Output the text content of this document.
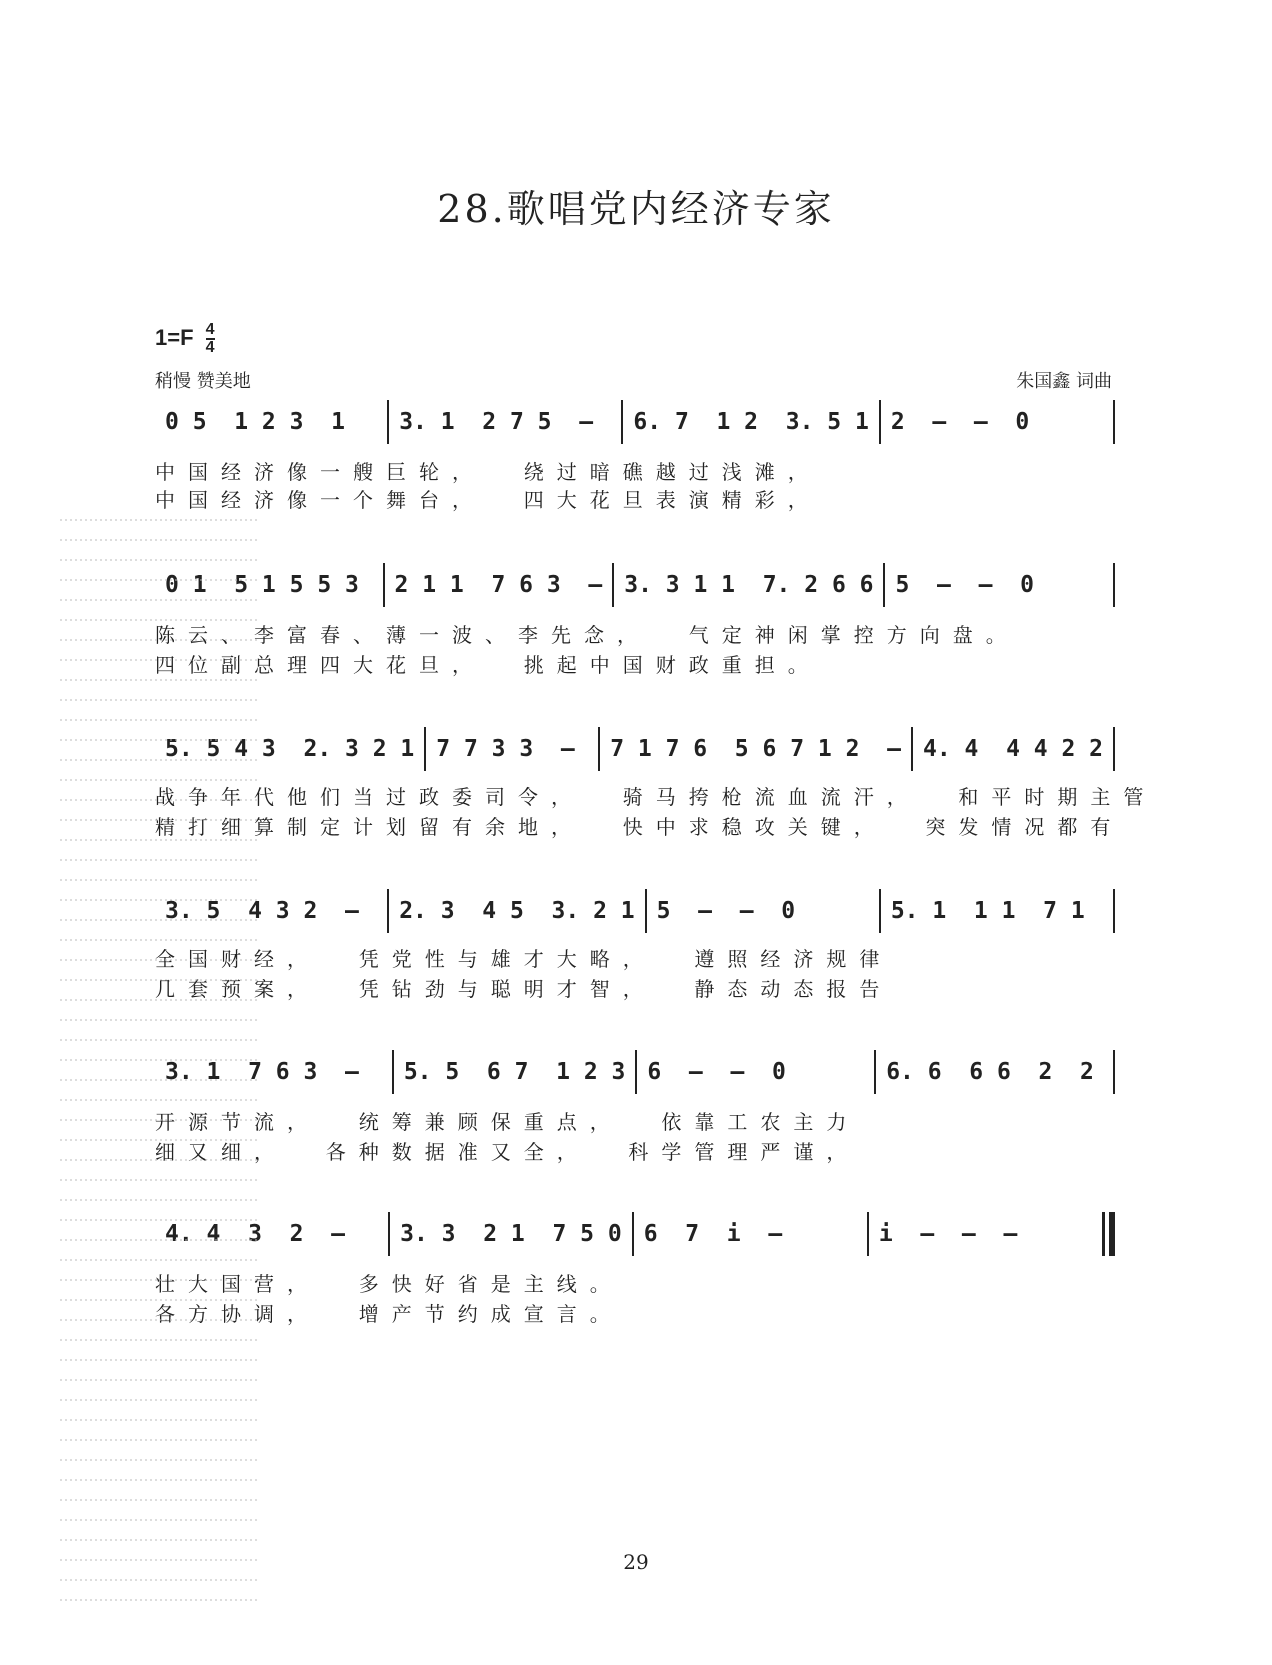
28.歌唱党内经济专家
$1=F \frac{4}{4}$
稍慢 赞美地	朱国鑫 词曲
0 5  1 2 3  1	3. 1  2 7 5  –	6. 7  1 2  3. 5 1 2  –  –  0
中国经济像一艘巨轮，  绕过暗礁越过浅滩，
中国经济像一个舞台，  四大花旦表演精彩，
0 1  5 1 5 5 3	2 1 1  7 6 3  – 3. 3 1 1  7. 2 6 6 5  –  –  0
陈云、李富春、薄一波、李先念，  气定神闲掌控方向盘。
四位副总理四大花旦，  挑起中国财政重担。
5. 5 4 3  2. 3 2 1 7 7 3 3  –	7 1 7 6  5 6 7 1 2  – 4. 4  4 4 2 2
战争年代他们当过政委司令，  骑马挎枪流血流汗，  和平时期主管
精打细算制定计划留有余地，  快中求稳攻关键，  突发情况都有
3. 5  4 3 2  –	2. 3  4 5  3. 2 1 5  –  –  0	5. 1  1 1  7 1
全国财经，  凭党性与雄才大略，  遵照经济规律
几套预案，  凭钻劲与聪明才智，  静态动态报告
3. 1  7 6 3  –	5. 5  6 7  1 2 3 6  –  –  0	6. 6  6 6  2  2
开源节流，  统筹兼顾保重点，  依靠工农主力
细又细，  各种数据准又全，  科学管理严谨，
4. 4  3  2  –	3. 3  2 1  7 5 0 6  7  i  –	i  –  –  –
壮大国营，  多快好省是主线。
各方协调，  增产节约成宣言。
29
